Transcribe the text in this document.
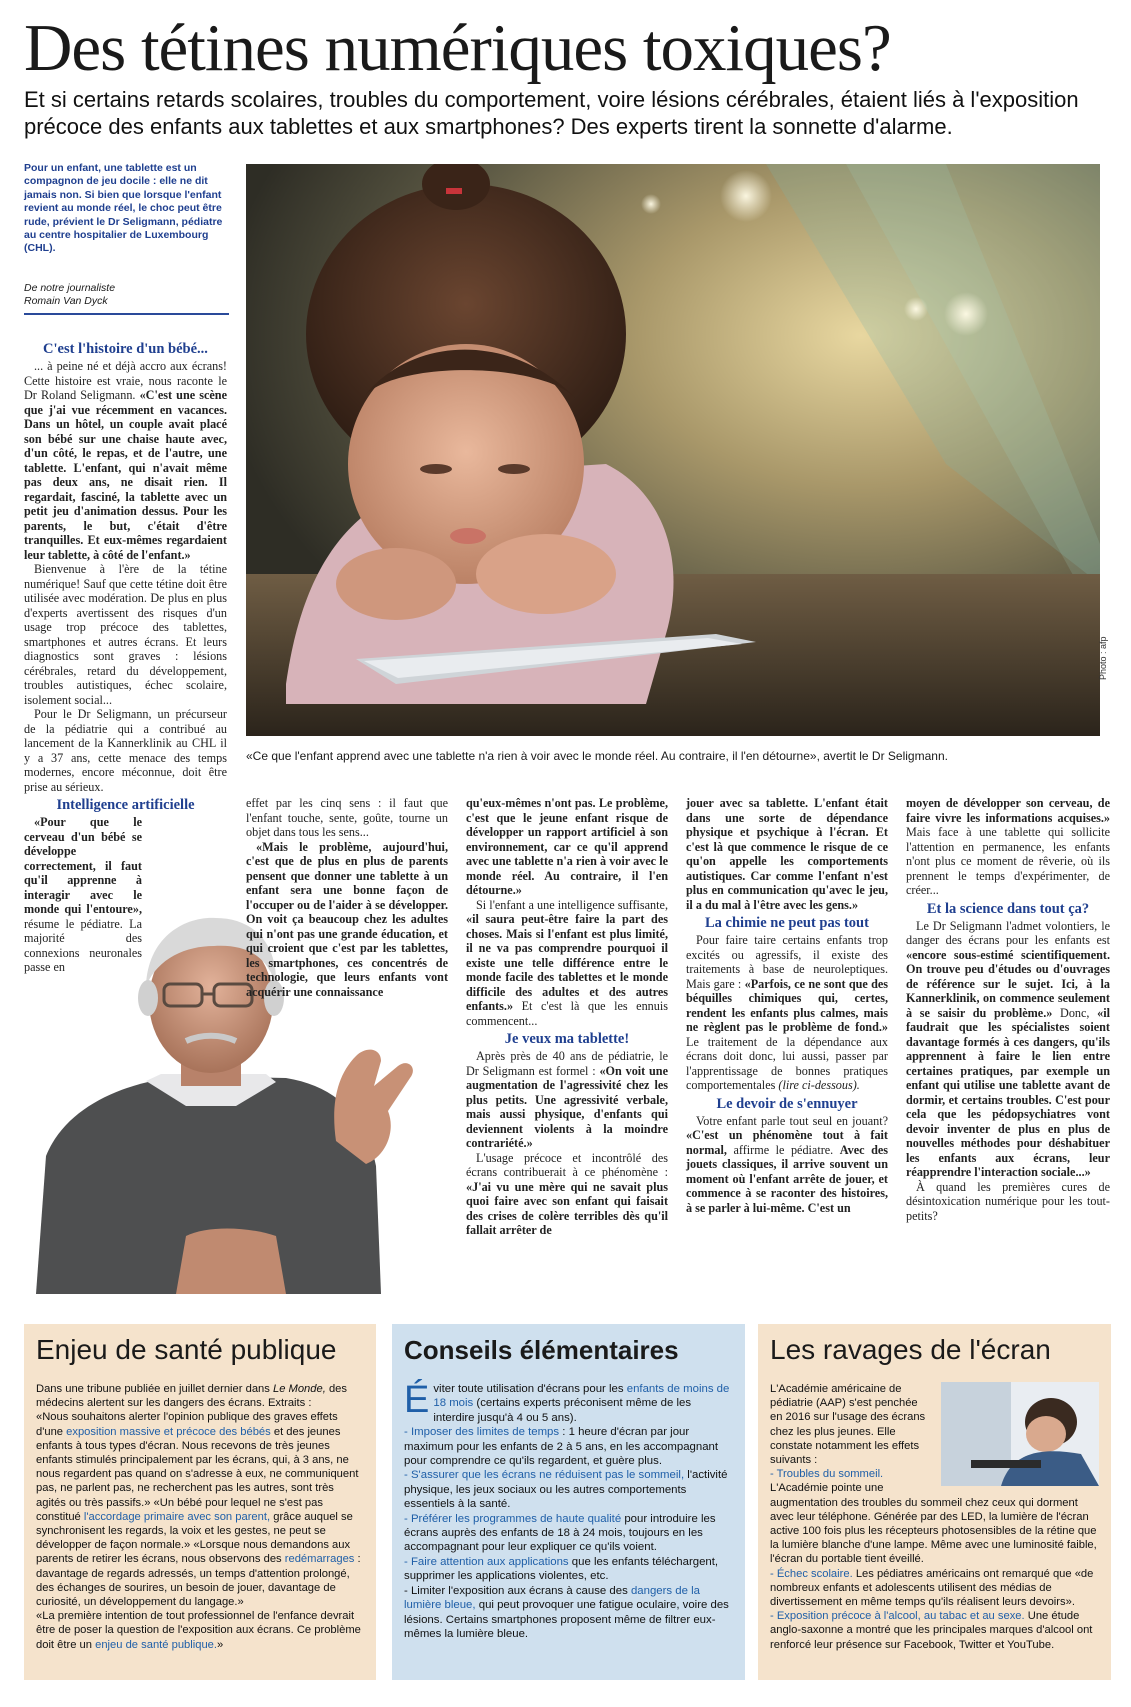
Des tétines numériques toxiques?
Et si certains retards scolaires, troubles du comportement, voire lésions cérébrales, étaient liés à l'exposition précoce des enfants aux tablettes et aux smartphones? Des experts tirent la sonnette d'alarme.
Pour un enfant, une tablette est un compagnon de jeu docile : elle ne dit jamais non. Si bien que lorsque l'enfant revient au monde réel, le choc peut être rude, prévient le Dr Seligmann, pédiatre au centre hospitalier de Luxembourg (CHL).
De notre journaliste
Romain Van Dyck
Photo : afp
«Ce que l'enfant apprend avec une tablette n'a rien à voir avec le monde réel. Au contraire, il l'en détourne», avertit le Dr Seligmann.
C'est l'histoire d'un bébé...

... à peine né et déjà accro aux écrans! Cette histoire est vraie, nous raconte le Dr Roland Seligmann. «C'est une scène que j'ai vue récemment en vacances. Dans un hôtel, un couple avait placé son bébé sur une chaise haute avec, d'un côté, le repas, et de l'autre, une tablette. L'enfant, qui n'avait même pas deux ans, ne disait rien. Il regardait, fasciné, la tablette avec un petit jeu d'animation dessus. Pour les parents, le but, c'était d'être tranquilles. Et eux-mêmes regardaient leur tablette, à côté de l'enfant.»

Bienvenue à l'ère de la tétine numérique! Sauf que cette tétine doit être utilisée avec modération. De plus en plus d'experts avertissent des risques d'un usage trop précoce des tablettes, smartphones et autres écrans. Et leurs diagnostics sont graves : lésions cérébrales, retard du développement, troubles autistiques, échec scolaire, isolement social...

Pour le Dr Seligmann, un précurseur de la pédiatrie qui a contribué au lancement de la Kannerklinik au CHL il y a 37 ans, cette menace des temps modernes, encore méconnue, doit être prise au sérieux.

Intelligence artificielle

«Pour que le cerveau d'un bébé se développe correctement, il faut qu'il apprenne à interagir avec le monde qui l'entoure», résume le pédiatre. La majorité des connexions neuronales passe en

effet par les cinq sens : il faut que l'enfant touche, sente, goûte, tourne un objet dans tous les sens...

«Mais le problème, aujourd'hui, c'est que de plus en plus de parents pensent que donner une tablette à un enfant sera une bonne façon de l'occuper ou de l'aider à se développer. On voit ça beaucoup chez les adultes qui n'ont pas une grande éducation, et qui croient que c'est par les tablettes, les smartphones, ces concentrés de technologie, que leurs enfants vont acquérir une connaissance

qu'eux-mêmes n'ont pas. Le problème, c'est que le jeune enfant risque de développer un rapport artificiel à son environnement, car ce qu'il apprend avec une tablette n'a rien à voir avec le monde réel. Au contraire, il l'en détourne.»

Si l'enfant a une intelligence suffisante, «il saura peut-être faire la part des choses. Mais si l'enfant est plus limité, il ne va pas comprendre pourquoi il existe une telle différence entre le monde facile des tablettes et le monde difficile des adultes et des autres enfants.» Et c'est là que les ennuis commencent...

Je veux ma tablette!

Après près de 40 ans de pédiatrie, le Dr Seligmann est formel : «On voit une augmentation de l'agressivité chez les plus petits. Une agressivité verbale, mais aussi physique, d'enfants qui deviennent violents à la moindre contrariété.»

L'usage précoce et incontrôlé des écrans contribuerait à ce phénomène : «J'ai vu une mère qui ne savait plus quoi faire avec son enfant qui faisait des crises de colère terribles dès qu'il fallait arrêter de

jouer avec sa tablette. L'enfant était dans une sorte de dépendance physique et psychique à l'écran. Et c'est là que commence le risque de ce qu'on appelle les comportements autistiques. Car comme l'enfant n'est plus en communication qu'avec le jeu, il a du mal à l'être avec les gens.»

La chimie ne peut pas tout

Pour faire taire certains enfants trop excités ou agressifs, il existe des traitements à base de neuroleptiques. Mais gare : «Parfois, ce ne sont que des béquilles chimiques qui, certes, rendent les enfants plus calmes, mais ne règlent pas le problème de fond.» Le traitement de la dépendance aux écrans doit donc, lui aussi, passer par l'apprentissage de bonnes pratiques comportementales (lire ci-dessous).

Le devoir de s'ennuyer

Votre enfant parle tout seul en jouant? «C'est un phénomène tout à fait normal, affirme le pédiatre. Avec des jouets classiques, il arrive souvent un moment où l'enfant arrête de jouer, et commence à se raconter des histoires, à se parler à lui-même. C'est un

moyen de développer son cerveau, de faire vivre les informations acquises.» Mais face à une tablette qui sollicite l'attention en permanence, les enfants n'ont plus ce moment de rêverie, où ils prennent le temps d'expérimenter, de créer...

Et la science dans tout ça?

Le Dr Seligmann l'admet volontiers, le danger des écrans pour les enfants est «encore sous-estimé scientifiquement. On trouve peu d'études ou d'ouvrages de référence sur le sujet. Ici, à la Kannerklinik, on commence seulement à se saisir du problème.» Donc, «il faudrait que les spécialistes soient davantage formés à ces dangers, qu'ils apprennent à faire le lien entre certaines pratiques, par exemple un enfant qui utilise une tablette avant de dormir, et certains troubles. C'est pour cela que les pédopsychiatres vont devoir inventer de plus en plus de nouvelles méthodes pour déshabituer les enfants aux écrans, leur réapprendre l'interaction sociale...»

À quand les premières cures de désintoxication numérique pour les tout-petits?

Enjeu de santé publique
Dans une tribune publiée en juillet dernier dans Le Monde, des médecins alertent sur les dangers des écrans. Extraits :
«Nous souhaitons alerter l'opinion publique des graves effets d'une exposition massive et précoce des bébés et des jeunes enfants à tous types d'écran. Nous recevons de très jeunes enfants stimulés principalement par les écrans, qui, à 3 ans, ne nous regardent pas quand on s'adresse à eux, ne communiquent pas, ne parlent pas, ne recherchent pas les autres, sont très agités ou très passifs.» «Un bébé pour lequel ne s'est pas constitué l'accordage primaire avec son parent, grâce auquel se synchronisent les regards, la voix et les gestes, ne peut se développer de façon normale.» «Lorsque nous demandons aux parents de retirer les écrans, nous observons des redémarrages : davantage de regards adressés, un temps d'attention prolongé, des échanges de sourires, un besoin de jouer, davantage de curiosité, un développement du langage.»
«La première intention de tout professionnel de l'enfance devrait être de poser la question de l'exposition aux écrans. Ce problème doit être un enjeu de santé publique.»
Conseils élémentaires
Éviter toute utilisation d'écrans pour les enfants de moins de 18 mois (certains experts préconisent même de les interdire jusqu'à 4 ou 5 ans).
- Imposer des limites de temps : 1 heure d'écran par jour maximum pour les enfants de 2 à 5 ans, en les accompagnant pour comprendre ce qu'ils regardent, et guère plus.
- S'assurer que les écrans ne réduisent pas le sommeil, l'activité physique, les jeux sociaux ou les autres comportements essentiels à la santé.
- Préférer les programmes de haute qualité pour introduire les écrans auprès des enfants de 18 à 24 mois, toujours en les accompagnant pour leur expliquer ce qu'ils voient.
- Faire attention aux applications que les enfants téléchargent, supprimer les applications violentes, etc.
- Limiter l'exposition aux écrans à cause des dangers de la lumière bleue, qui peut provoquer une fatigue oculaire, voire des lésions. Certains smartphones proposent même de filtrer eux-mêmes la lumière bleue.
Les ravages de l'écran
L'Académie américaine de pédiatrie (AAP) s'est penchée en 2016 sur l'usage des écrans chez les plus jeunes. Elle constate notamment les effets suivants :
- Troubles du sommeil. L'Académie pointe une augmentation des troubles du sommeil chez ceux qui dorment avec leur téléphone. Générée par des LED, la lumière de l'écran active 100 fois plus les récepteurs photosensibles de la rétine que la lumière blanche d'une lampe. Même avec une luminosité faible, l'écran du portable tient éveillé.
- Échec scolaire. Les pédiatres américains ont remarqué que «de nombreux enfants et adolescents utilisent des médias de divertissement en même temps qu'ils réalisent leurs devoirs».
- Exposition précoce à l'alcool, au tabac et au sexe. Une étude anglo-saxonne a montré que les principales marques d'alcool ont renforcé leur présence sur Facebook, Twitter et YouTube.
